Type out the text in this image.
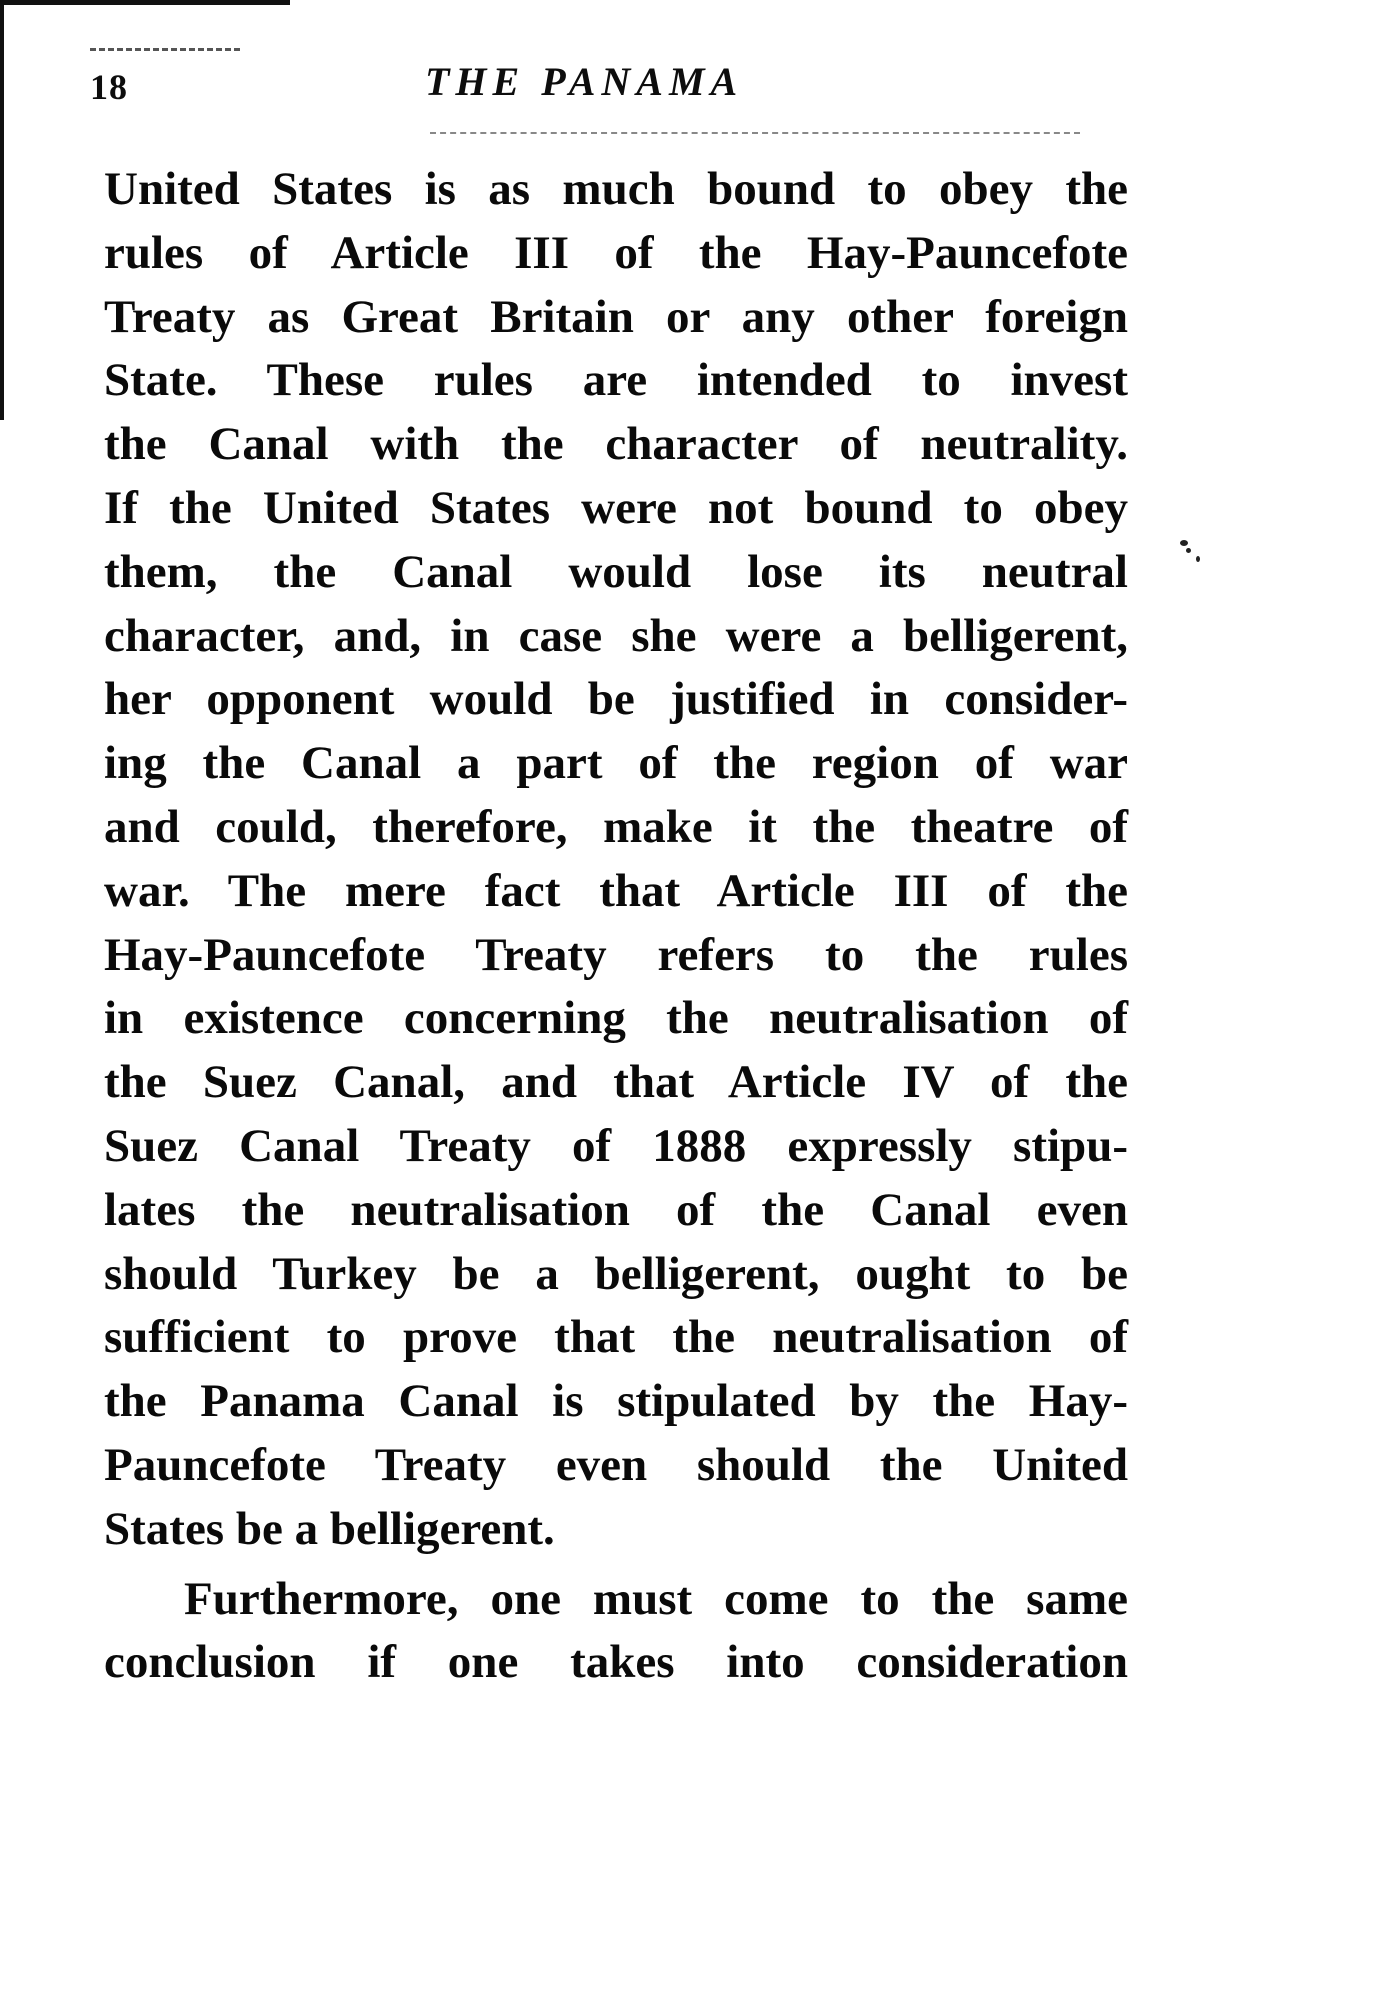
18	THE PANAMA
United States is as much bound to obey the
rules of Article III of the Hay-Pauncefote
Treaty as Great Britain or any other foreign
State. These rules are intended to invest
the Canal with the character of neutrality.
If the United States were not bound to obey
them, the Canal would lose its neutral
character, and, in case she were a belligerent,
her opponent would be justified in consider-
ing the Canal a part of the region of war
and could, therefore, make it the theatre of
war. The mere fact that Article III of the
Hay-Pauncefote Treaty refers to the rules
in existence concerning the neutralisation of
the Suez Canal, and that Article IV of the
Suez Canal Treaty of 1888 expressly stipu-
lates the neutralisation of the Canal even
should Turkey be a belligerent, ought to be
sufficient to prove that the neutralisation of
the Panama Canal is stipulated by the Hay-
Pauncefote Treaty even should the United
States be a belligerent.
Furthermore, one must come to the same
conclusion if one takes into consideration
